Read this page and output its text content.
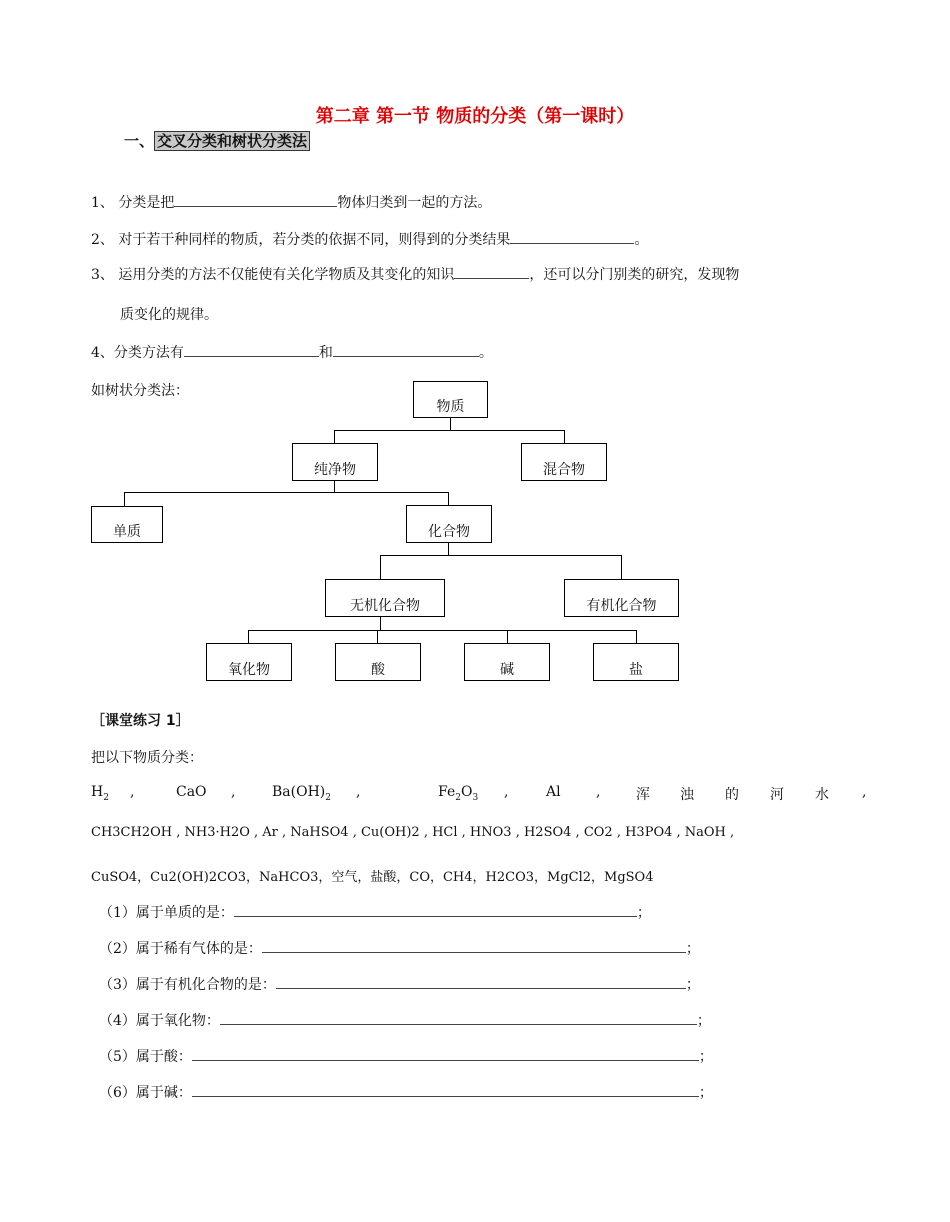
第二章 第一节 物质的分类（第一课时）
一、 交叉分类和树状分类法
1、 分类是把	物体归类到一起的方法。
2、 对于若干种同样的物质，若分类的依据不同，则得到的分类结果	。
3、 运用分类的方法不仅能使有关化学物质及其变化的知识	，还可以分门别类的研究，发现物
质变化的规律。
4、分类方法有	和	。
如树状分类法：
物质
纯净物	混合物
单质	化合物
无机化合物	有机化合物
氧化物	酸	碱	盐
［课堂练习 1］
把以下物质分类：
$H_2$ ,	CaO ,	$Ba(OH)_2$ ,	$Fe_2O_3$ ,	Al	,	浑 浊 的 河 水 ,
CH3CH2OH , NH3·H2O , Ar , NaHSO4 , Cu(OH)2 , HCl , HNO3 , H2SO4 , CO2 , H3PO4 , NaOH ,
CuSO4，Cu2(OH)2CO3，NaHCO3，空气，盐酸，CO，CH4，H2CO3，MgCl2，MgSO4
（1）属于单质的是：	；
（2）属于稀有气体的是：	；
（3）属于有机化合物的是：	；
（4）属于氧化物：	；
（5）属于酸：	；
（6）属于碱：	；
